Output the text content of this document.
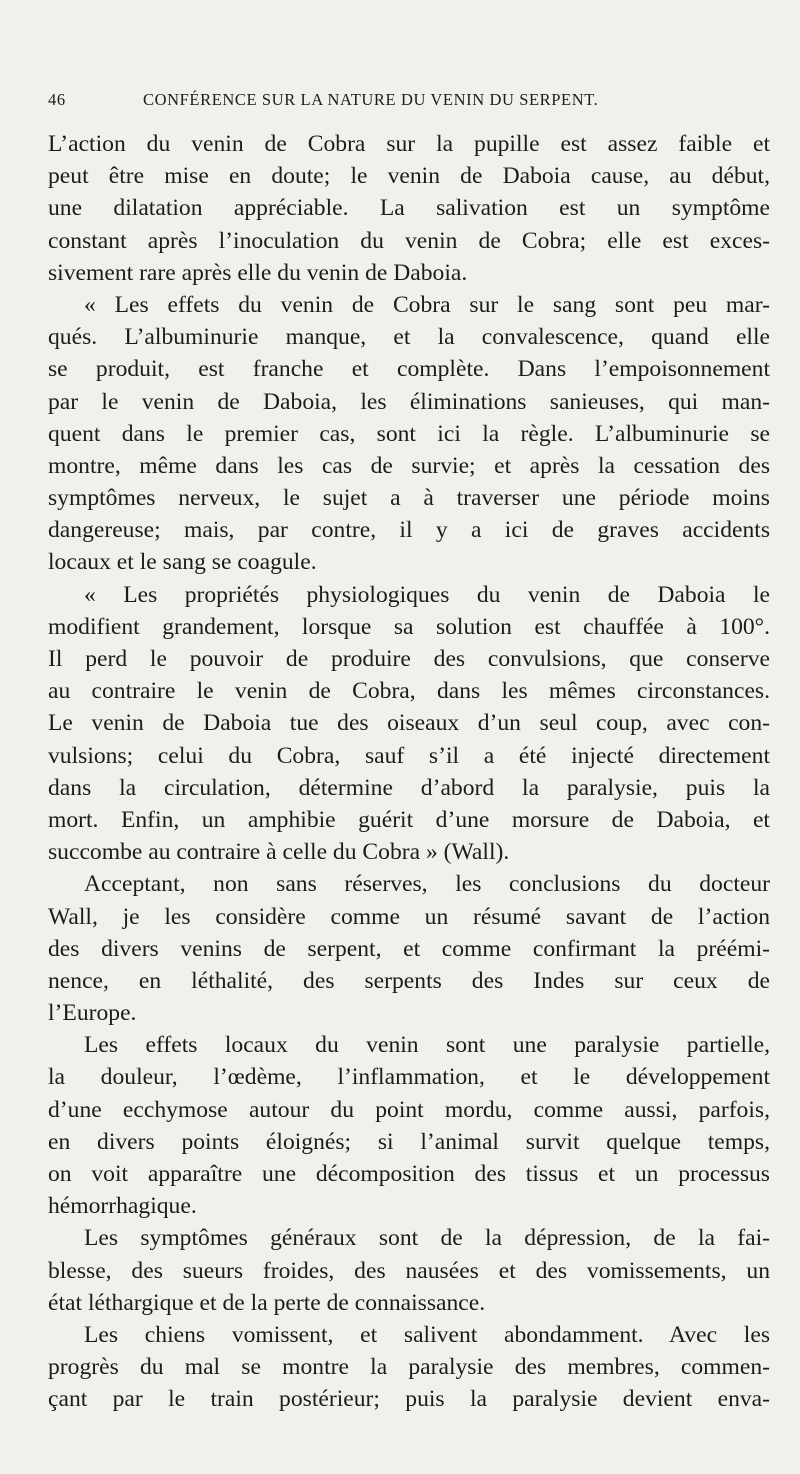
46	CONFÉRENCE SUR LA NATURE DU VENIN DU SERPENT.
L’action du venin de Cobra sur la pupille est assez faible et
peut être mise en doute; le venin de Daboia cause, au début,
une dilatation appréciable. La salivation est un symptôme
constant après l’inoculation du venin de Cobra; elle est exces-
sivement rare après elle du venin de Daboia.
« Les effets du venin de Cobra sur le sang sont peu mar-
qués. L’albuminurie manque, et la convalescence, quand elle
se produit, est franche et complète. Dans l’empoisonnement
par le venin de Daboia, les éliminations sanieuses, qui man-
quent dans le premier cas, sont ici la règle. L’albuminurie se
montre, même dans les cas de survie; et après la cessation des
symptômes nerveux, le sujet a à traverser une période moins
dangereuse; mais, par contre, il y a ici de graves accidents
locaux et le sang se coagule.
« Les propriétés physiologiques du venin de Daboia le
modifient grandement, lorsque sa solution est chauffée à 100°.
Il perd le pouvoir de produire des convulsions, que conserve
au contraire le venin de Cobra, dans les mêmes circonstances.
Le venin de Daboia tue des oiseaux d’un seul coup, avec con-
vulsions; celui du Cobra, sauf s’il a été injecté directement
dans la circulation, détermine d’abord la paralysie, puis la
mort. Enfin, un amphibie guérit d’une morsure de Daboia, et
succombe au contraire à celle du Cobra » (Wall).
Acceptant, non sans réserves, les conclusions du docteur
Wall, je les considère comme un résumé savant de l’action
des divers venins de serpent, et comme confirmant la préémi-
nence, en léthalité, des serpents des Indes sur ceux de
l’Europe.
Les effets locaux du venin sont une paralysie partielle,
la douleur, l’œdème, l’inflammation, et le développement
d’une ecchymose autour du point mordu, comme aussi, parfois,
en divers points éloignés; si l’animal survit quelque temps,
on voit apparaître une décomposition des tissus et un processus
hémorrhagique.
Les symptômes généraux sont de la dépression, de la fai-
blesse, des sueurs froides, des nausées et des vomissements, un
état léthargique et de la perte de connaissance.
Les chiens vomissent, et salivent abondamment. Avec les
progrès du mal se montre la paralysie des membres, commen-
çant par le train postérieur; puis la paralysie devient enva-
